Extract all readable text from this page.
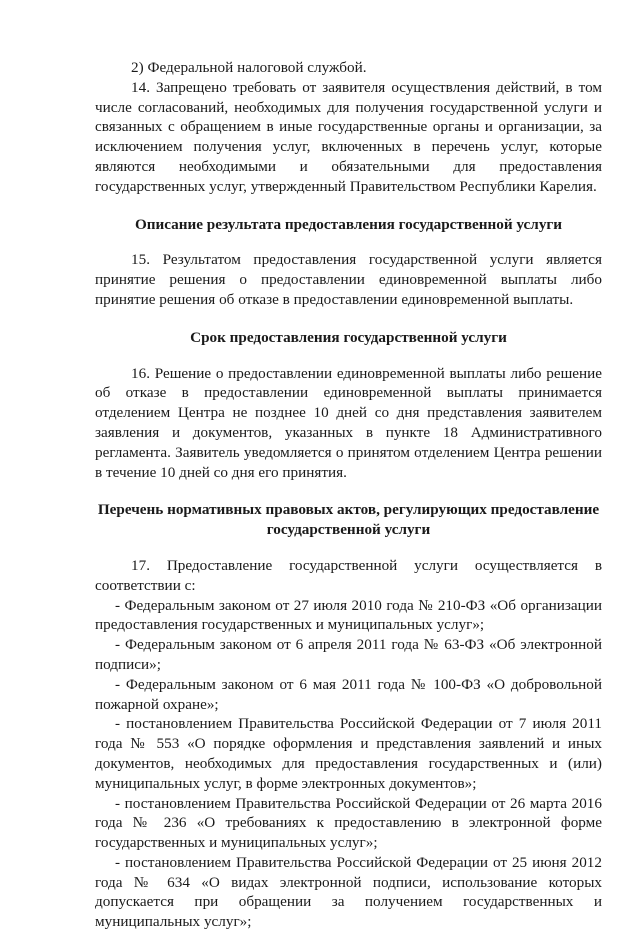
2) Федеральной налоговой службой.

14. Запрещено требовать от заявителя осуществления действий, в том числе согласований, необходимых для получения государственной услуги и связанных с обращением в иные государственные органы и организации, за исключением получения услуг, включенных в перечень услуг, которые являются необходимыми и обязательными для предоставления государственных услуг, утвержденный Правительством Республики Карелия.

Описание результата предоставления государственной услуги

15. Результатом предоставления государственной услуги является принятие решения о предоставлении единовременной выплаты либо принятие решения об отказе в предоставлении единовременной выплаты.

Срок предоставления государственной услуги

16. Решение о предоставлении единовременной выплаты либо решение об отказе в предоставлении единовременной выплаты принимается отделением Центра не позднее 10 дней со дня представления заявителем заявления и документов, указанных в пункте 18 Административного регламента. Заявитель уведомляется о принятом отделением Центра решении в течение 10 дней со дня его принятия.

Перечень нормативных правовых актов, регулирующих предоставление государственной услуги

17. Предоставление государственной услуги осуществляется в соответствии с:

- Федеральным законом от 27 июля 2010 года № 210-ФЗ «Об организации предоставления государственных и муниципальных услуг»;

- Федеральным законом от 6 апреля 2011 года № 63-ФЗ «Об электронной подписи»;

- Федеральным законом от 6 мая 2011 года № 100-ФЗ «О добровольной пожарной охране»;

- постановлением Правительства Российской Федерации от 7 июля 2011 года № 553 «О порядке оформления и представления заявлений и иных документов, необходимых для предоставления государственных и (или) муниципальных услуг, в форме электронных документов»;

- постановлением Правительства Российской Федерации от 26 марта 2016 года № 236 «О требованиях к предоставлению в электронной форме государственных и муниципальных услуг»;

- постановлением Правительства Российской Федерации от 25 июня 2012 года № 634 «О видах электронной подписи, использование которых допускается при обращении за получением государственных и муниципальных услуг»;
